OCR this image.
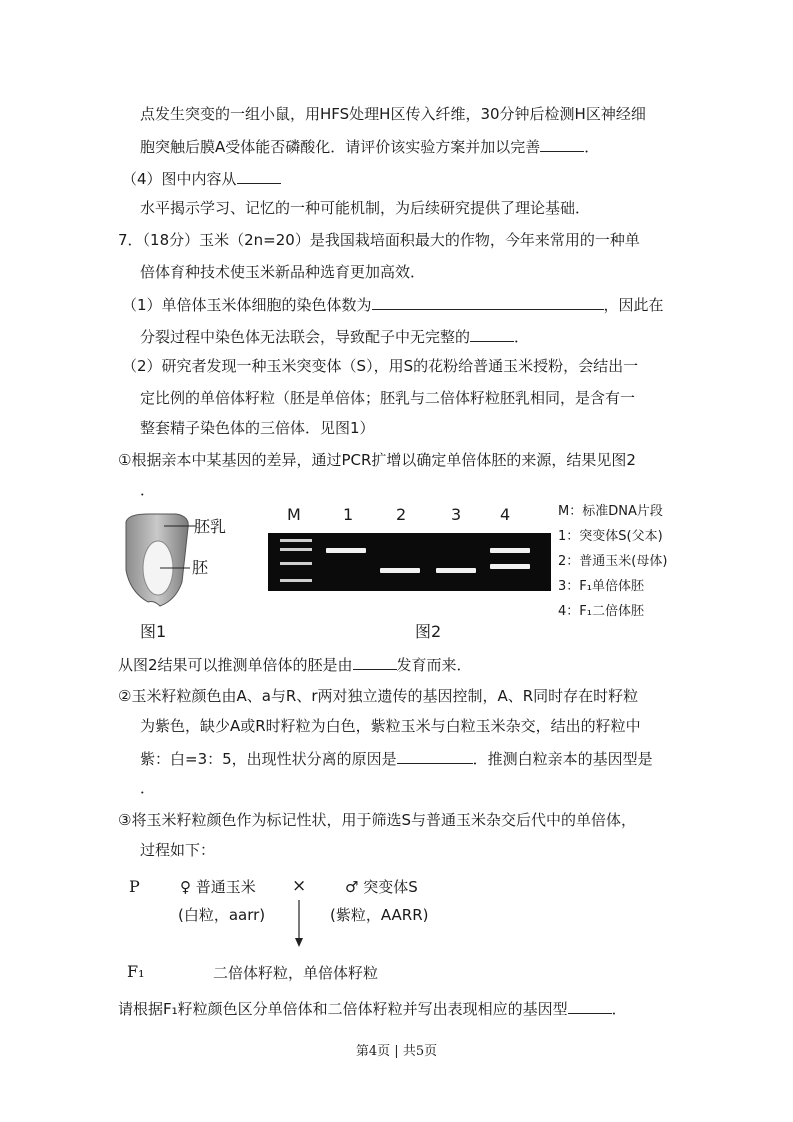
点发生突变的一组小鼠，用HFS处理H区传入纤维，30分钟后检测H区神经细
胞突触后膜A受体能否磷酸化．请评价该实验方案并加以完善	．
（4）图中内容从
水平揭示学习、记忆的一种可能机制，为后续研究提供了理论基础．
7．（18分）玉米（2n=20）是我国栽培面积最大的作物，今年来常用的一种单
倍体育种技术使玉米新品种选育更加高效．
（1）单倍体玉米体细胞的染色体数为	，因此在
分裂过程中染色体无法联会，导致配子中无完整的	．
（2）研究者发现一种玉米突变体（S），用S的花粉给普通玉米授粉，会结出一
定比例的单倍体籽粒（胚是单倍体；胚乳与二倍体籽粒胚乳相同，是含有一
整套精子染色体的三倍体．见图1）
①根据亲本中某基因的差异，通过PCR扩增以确定单倍体胚的来源，结果见图2
．
胚乳
胚
图1
M	1	2	3 4	M：标准DNA片段
1：突变体S(父本)
2：普通玉米(母体)
3：F₁单倍体胚
4：F₁二倍体胚
图2
从图2结果可以推测单倍体的胚是由	发育而来．
②玉米籽粒颜色由A、a与R、r两对独立遗传的基因控制，A、R同时存在时籽粒
为紫色，缺少A或R时籽粒为白色，紫粒玉米与白粒玉米杂交，结出的籽粒中
紫：白=3：5，出现性状分离的原因是	．推测白粒亲本的基因型是
．
③将玉米籽粒颜色作为标记性状，用于筛选S与普通玉米杂交后代中的单倍体，
过程如下：
P	♀ 普通玉米
(白粒，aarr)
×	♂ 突变体S
(紫粒，AARR)
F₁	二倍体籽粒，单倍体籽粒
请根据F₁籽粒颜色区分单倍体和二倍体籽粒并写出表现相应的基因型	．
第4页 | 共5页
